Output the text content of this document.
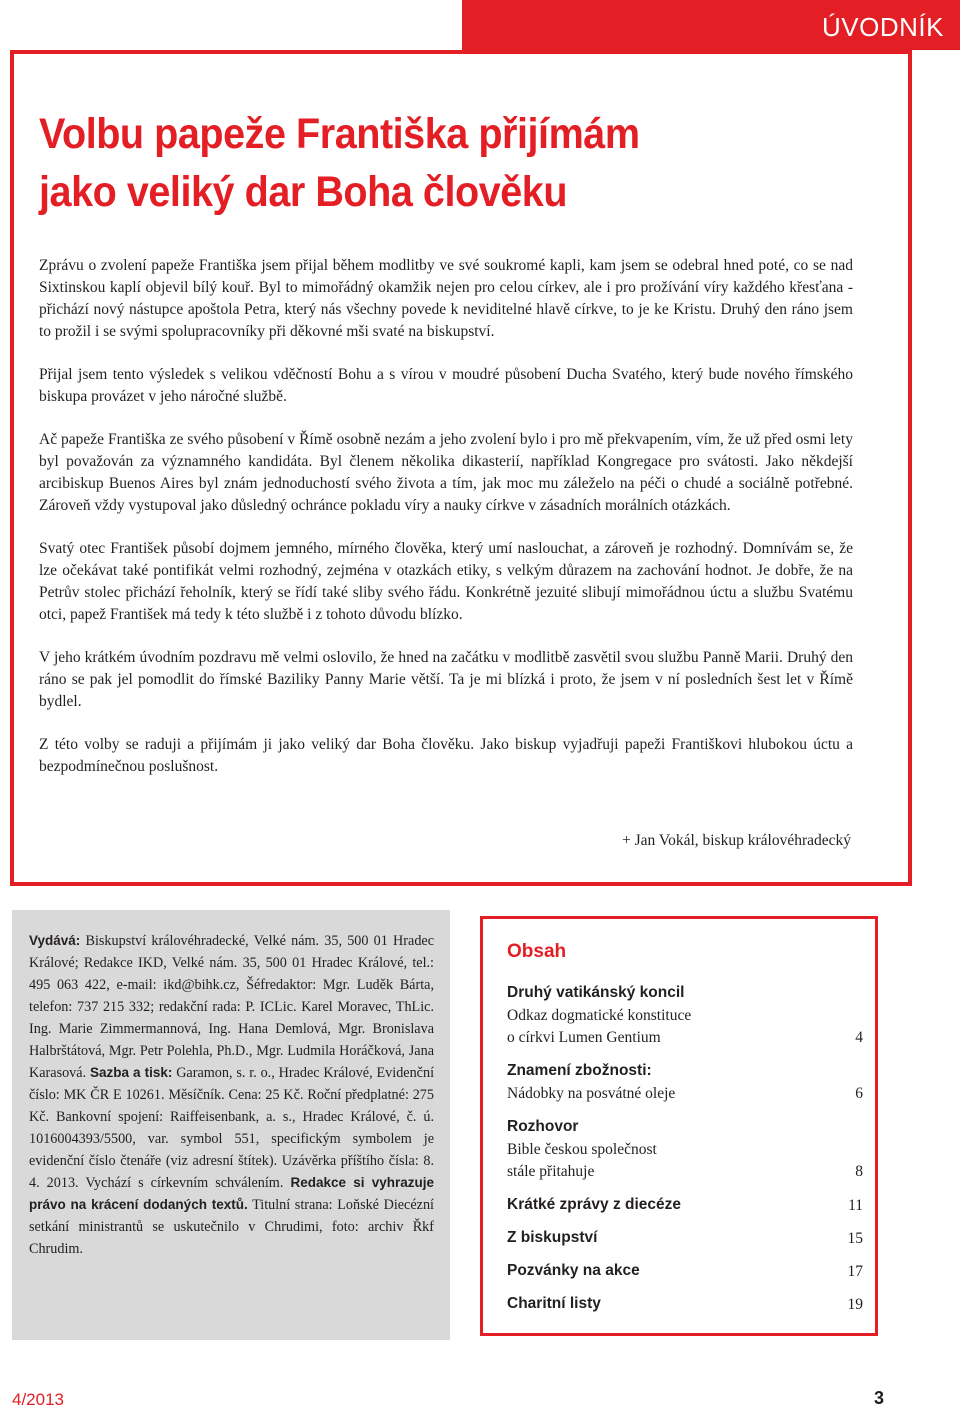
ÚVODNÍK
Volbu papeže Františka přijímám
jako veliký dar Boha člověku

Zprávu o zvolení papeže Františka jsem přijal během modlitby ve své soukromé kapli, kam jsem se odebral hned poté, co se nad Sixtinskou kaplí objevil bílý kouř. Byl to mimořádný okamžik nejen pro celou církev, ale i pro prožívání víry každého křesťana - přichází nový nástupce apoštola Petra, který nás všechny povede k neviditelné hlavě církve, to je ke Kristu. Druhý den ráno jsem to prožil i se svými spolupracovníky při děkovné mši svaté na biskupství.

Přijal jsem tento výsledek s velikou vděčností Bohu a s vírou v moudré působení Ducha Svatého, který bude nového římského biskupa provázet v jeho náročné službě.

Ač papeže Františka ze svého působení v Římě osobně nezám a jeho zvolení bylo i pro mě překvapením, vím, že už před osmi lety byl považován za významného kandidáta. Byl členem několika dikasterií, například Kongregace pro svátosti. Jako někdejší arcibiskup Buenos Aires byl znám jednoduchostí svého života a tím, jak moc mu záleželo na péči o chudé a sociálně potřebné. Zároveň vždy vystupoval jako důsledný ochránce pokladu víry a nauky církve v zásadních morálních otázkách.

Svatý otec František působí dojmem jemného, mírného člověka, který umí naslouchat, a zároveň je rozhodný. Domnívám se, že lze očekávat také pontifikát velmi rozhodný, zejména v otazkách etiky, s velkým důrazem na zachování hodnot. Je dobře, že na Petrův stolec přichází řeholník, který se řídí také sliby svého řádu. Konkrétně jezuité slibují mimořádnou úctu a službu Svatému otci, papež František má tedy k této službě i z tohoto důvodu blízko.

V jeho krátkém úvodním pozdravu mě velmi oslovilo, že hned na začátku v modlitbě zasvětil svou službu Panně Marii. Druhý den ráno se pak jel pomodlit do římské Baziliky Panny Marie větší. Ta je mi blízká i proto, že jsem v ní posledních šest let v Římě bydlel.

Z této volby se raduji a přijímám ji jako veliký dar Boha člověku. Jako biskup vyjadřuji papeži Františkovi hlubokou úctu a bezpodmínečnou poslušnost.

+ Jan Vokál, biskup královéhradecký
Vydává: Biskupství královéhradecké, Velké nám. 35, 500 01 Hradec Králové; Redakce IKD, Velké nám. 35, 500 01 Hradec Králové, tel.: 495 063 422, e-mail: ikd@bihk.cz, Šéfredaktor: Mgr. Luděk Bárta, telefon: 737 215 332; redakční rada: P. ICLic. Karel Moravec, ThLic. Ing. Marie Zimmermannová, Ing. Hana Demlová, Mgr. Bronislava Halbrštátová, Mgr. Petr Polehla, Ph.D., Mgr. Ludmila Horáčková, Jana Karasová. Sazba a tisk: Garamon, s. r. o., Hradec Králové, Evidenční číslo: MK ČR E 10261. Měsíčník. Cena: 25 Kč. Roční předplatné: 275 Kč. Bankovní spojení: Raiffeisenbank, a. s., Hradec Králové, č. ú. 1016004393/5500, var. symbol 551, specifickým symbolem je evidenční číslo čtenáře (viz adresní štítek). Uzávěrka příštího čísla: 8. 4. 2013. Vychází s církevním schválením. Redakce si vyhrazuje právo na krácení dodaných textů. Titulní strana: Loňské Diecézní setkání ministrantů se uskutečnilo v Chrudimi, foto: archiv Řkf Chrudim.
Obsah
Druhý vatikánský koncil
Odkaz dogmatické konstituce
o církvi Lumen Gentium	4
Znamení zbožnosti:
Nádobky na posvátné oleje	6
Rozhovor
Bible českou společnost
stále přitahuje	8
Krátké zprávy z diecéze	11
Z biskupství	15
Pozvánky na akce	17
Charitní listy	19
4/2013	3
